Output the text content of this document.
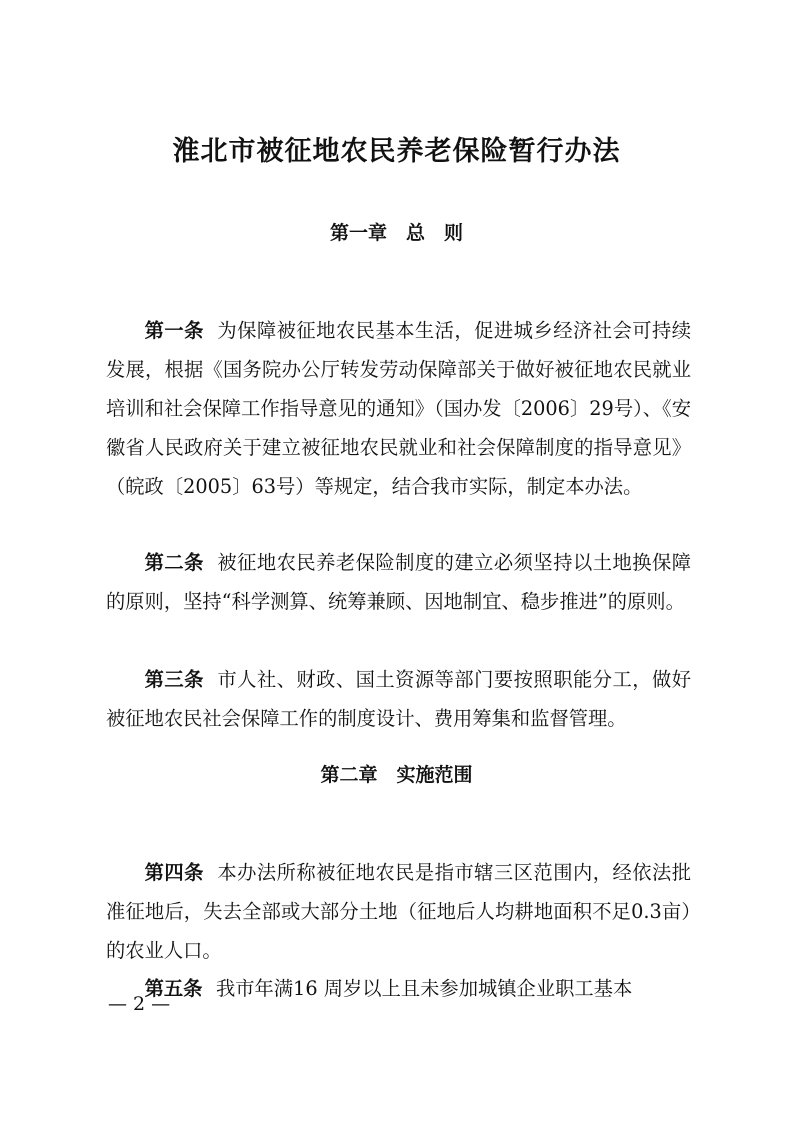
淮北市被征地农民养老保险暂行办法
第一章　总　则

第一条 为保障被征地农民基本生活，促进城乡经济社会可持续发展，根据《国务院办公厅转发劳动保障部关于做好被征地农民就业培训和社会保障工作指导意见的通知》（国办发〔2006〕29号）、《安徽省人民政府关于建立被征地农民就业和社会保障制度的指导意见》（皖政〔2005〕63号）等规定，结合我市实际，制定本办法。

第二条 被征地农民养老保险制度的建立必须坚持以土地换保障的原则，坚持“科学测算、统筹兼顾、因地制宜、稳步推进”的原则。

第三条 市人社、财政、国土资源等部门要按照职能分工，做好被征地农民社会保障工作的制度设计、费用筹集和监督管理。

第二章　实施范围

第四条 本办法所称被征地农民是指市辖三区范围内，经依法批准征地后，失去全部或大部分土地（征地后人均耕地面积不足0.3亩）的农业人口。

第五条 我市年满16 周岁以上且未参加城镇企业职工基本

— 2 —
